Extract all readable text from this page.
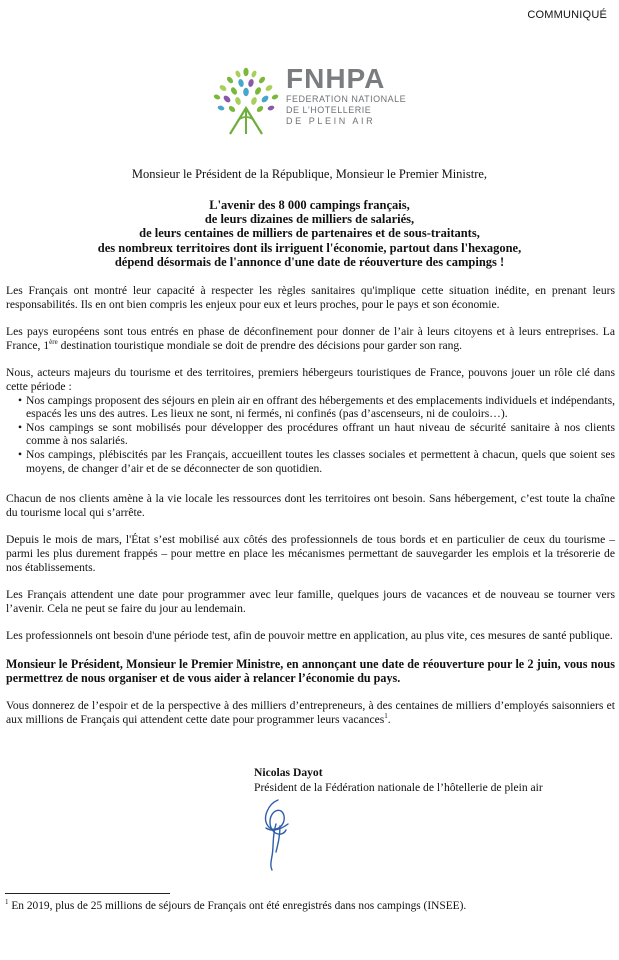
COMMUNIQUÉ
FNHPA
FEDERATION NATIONALE
DE L'HOTELLERIE
DE PLEIN AIR
Monsieur le Président de la République, Monsieur le Premier Ministre,
L'avenir des 8 000 campings français,
de leurs dizaines de milliers de salariés,
de leurs centaines de milliers de partenaires et de sous-traitants,
des nombreux territoires dont ils irriguent l'économie, partout dans l'hexagone,
dépend désormais de l'annonce d'une date de réouverture des campings !

Les Français ont montré leur capacité à respecter les règles sanitaires qu'implique cette situation inédite, en prenant leurs responsabilités. Ils en ont bien compris les enjeux pour eux et leurs proches, pour le pays et son économie.

Les pays européens sont tous entrés en phase de déconfinement pour donner de l’air à leurs citoyens et à leurs entreprises. La France, 1ère destination touristique mondiale se doit de prendre des décisions pour garder son rang.

Nous, acteurs majeurs du tourisme et des territoires, premiers hébergeurs touristiques de France, pouvons jouer un rôle clé dans cette période :

• Nos campings proposent des séjours en plein air en offrant des hébergements et des emplacements individuels et indépendants, espacés les uns des autres. Les lieux ne sont, ni fermés, ni confinés (pas d’ascenseurs, ni de couloirs…).
• Nos campings se sont mobilisés pour développer des procédures offrant un haut niveau de sécurité sanitaire à nos clients comme à nos salariés.
• Nos campings, plébiscités par les Français, accueillent toutes les classes sociales et permettent à chacun, quels que soient ses moyens, de changer d’air et de se déconnecter de son quotidien.

Chacun de nos clients amène à la vie locale les ressources dont les territoires ont besoin. Sans hébergement, c’est toute la chaîne du tourisme local qui s’arrête.

Depuis le mois de mars, l'État s’est mobilisé aux côtés des professionnels de tous bords et en particulier de ceux du tourisme – parmi les plus durement frappés – pour mettre en place les mécanismes permettant de sauvegarder les emplois et la trésorerie de nos établissements.

Les Français attendent une date pour programmer avec leur famille, quelques jours de vacances et de nouveau se tourner vers l’avenir. Cela ne peut se faire du jour au lendemain.

Les professionnels ont besoin d'une période test, afin de pouvoir mettre en application, au plus vite, ces mesures de santé publique.

Monsieur le Président, Monsieur le Premier Ministre, en annonçant une date de réouverture pour le 2 juin, vous nous permettrez de nous organiser et de vous aider à relancer l’économie du pays.

Vous donnerez de l’espoir et de la perspective à des milliers d’entrepreneurs, à des centaines de milliers d’employés saisonniers et aux millions de Français qui attendent cette date pour programmer leurs vacances$^1$.

Nicolas Dayot
Président de la Fédération nationale de l’hôtellerie de plein air
$^1$ En 2019, plus de 25 millions de séjours de Français ont été enregistrés dans nos campings (INSEE).
